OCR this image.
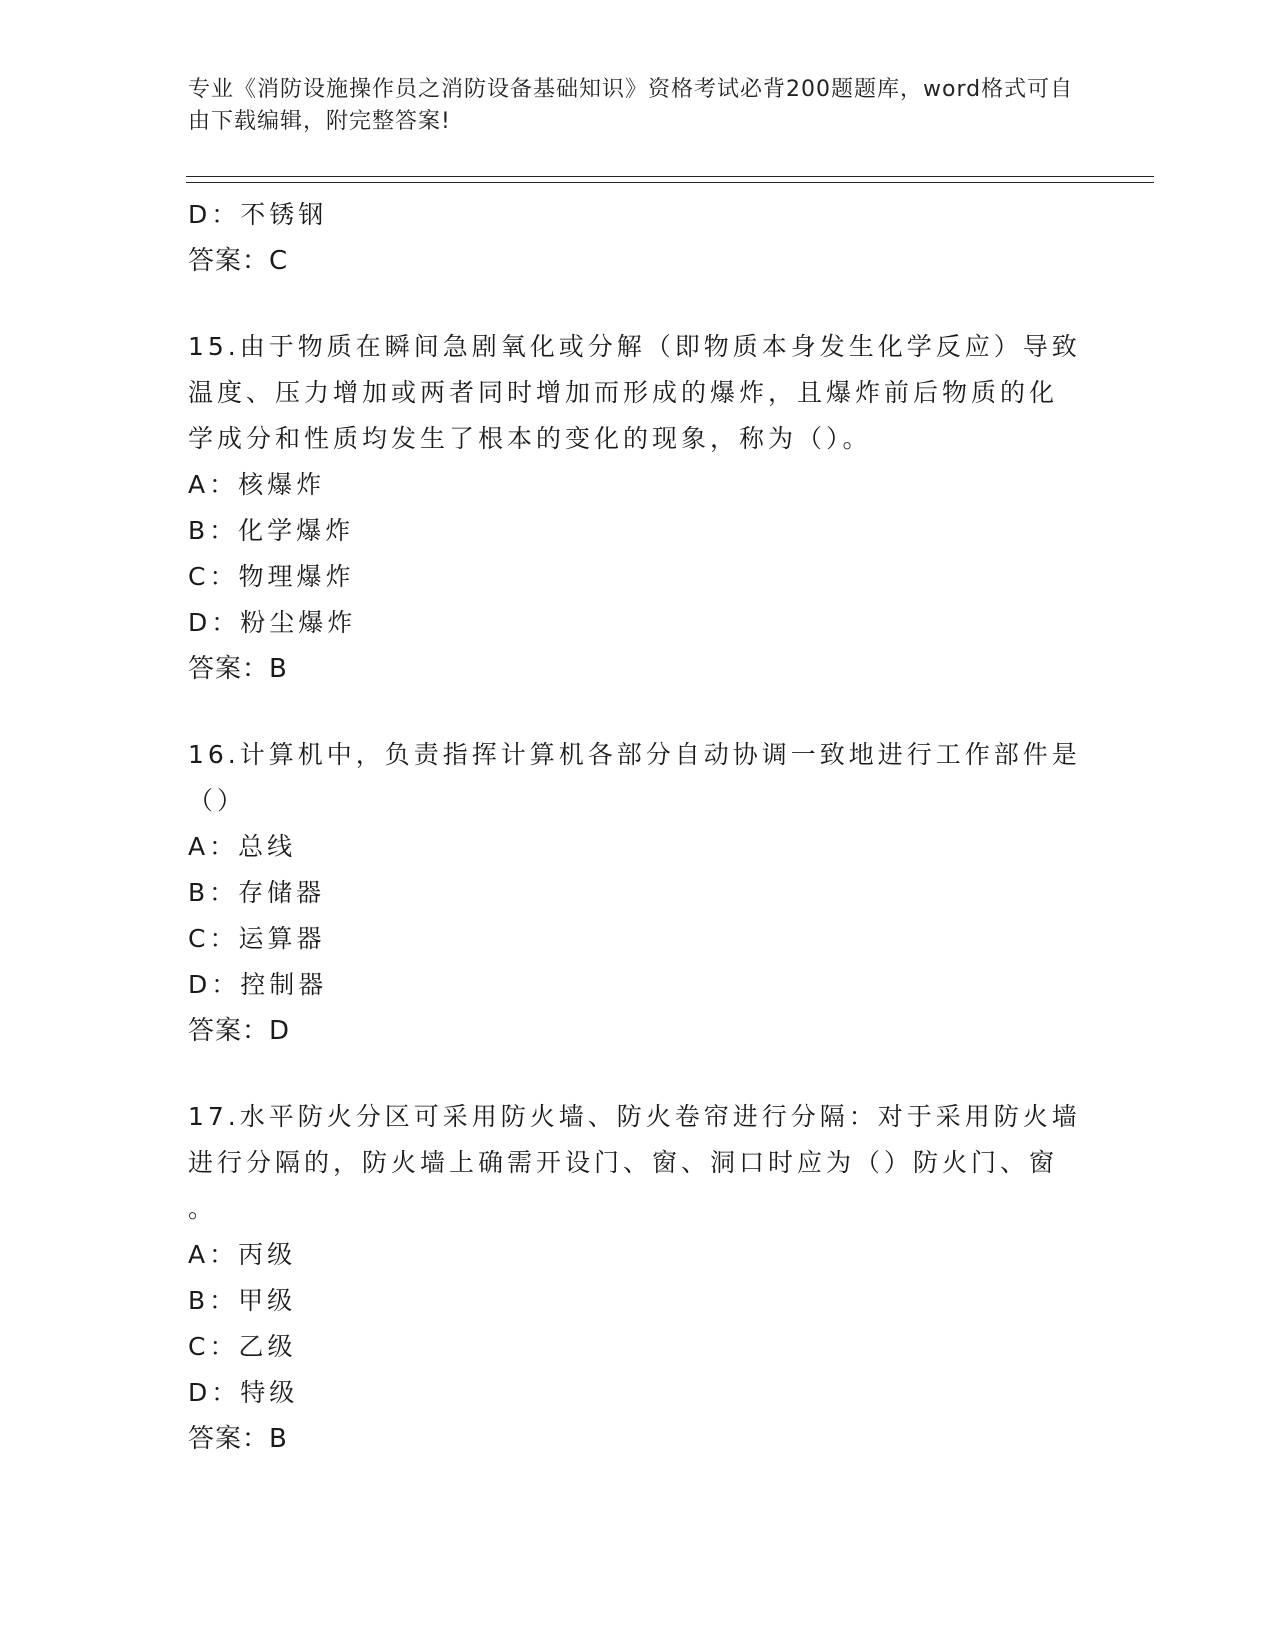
专业《消防设施操作员之消防设备基础知识》资格考试必背200题题库，word格式可自由下载编辑，附完整答案!
D：不锈钢
答案：C
15.由于物质在瞬间急剧氧化或分解（即物质本身发生化学反应）导致
温度、压力增加或两者同时增加而形成的爆炸，且爆炸前后物质的化
学成分和性质均发生了根本的变化的现象，称为（）。
A：核爆炸
B：化学爆炸
C：物理爆炸
D：粉尘爆炸
答案：B
16.计算机中，负责指挥计算机各部分自动协调一致地进行工作部件是
（）
A：总线
B：存储器
C：运算器
D：控制器
答案：D
17.水平防火分区可采用防火墙、防火卷帘进行分隔：对于采用防火墙
进行分隔的，防火墙上确需开设门、窗、洞口时应为（）防火门、窗
。
A：丙级
B：甲级
C：乙级
D：特级
答案：B
